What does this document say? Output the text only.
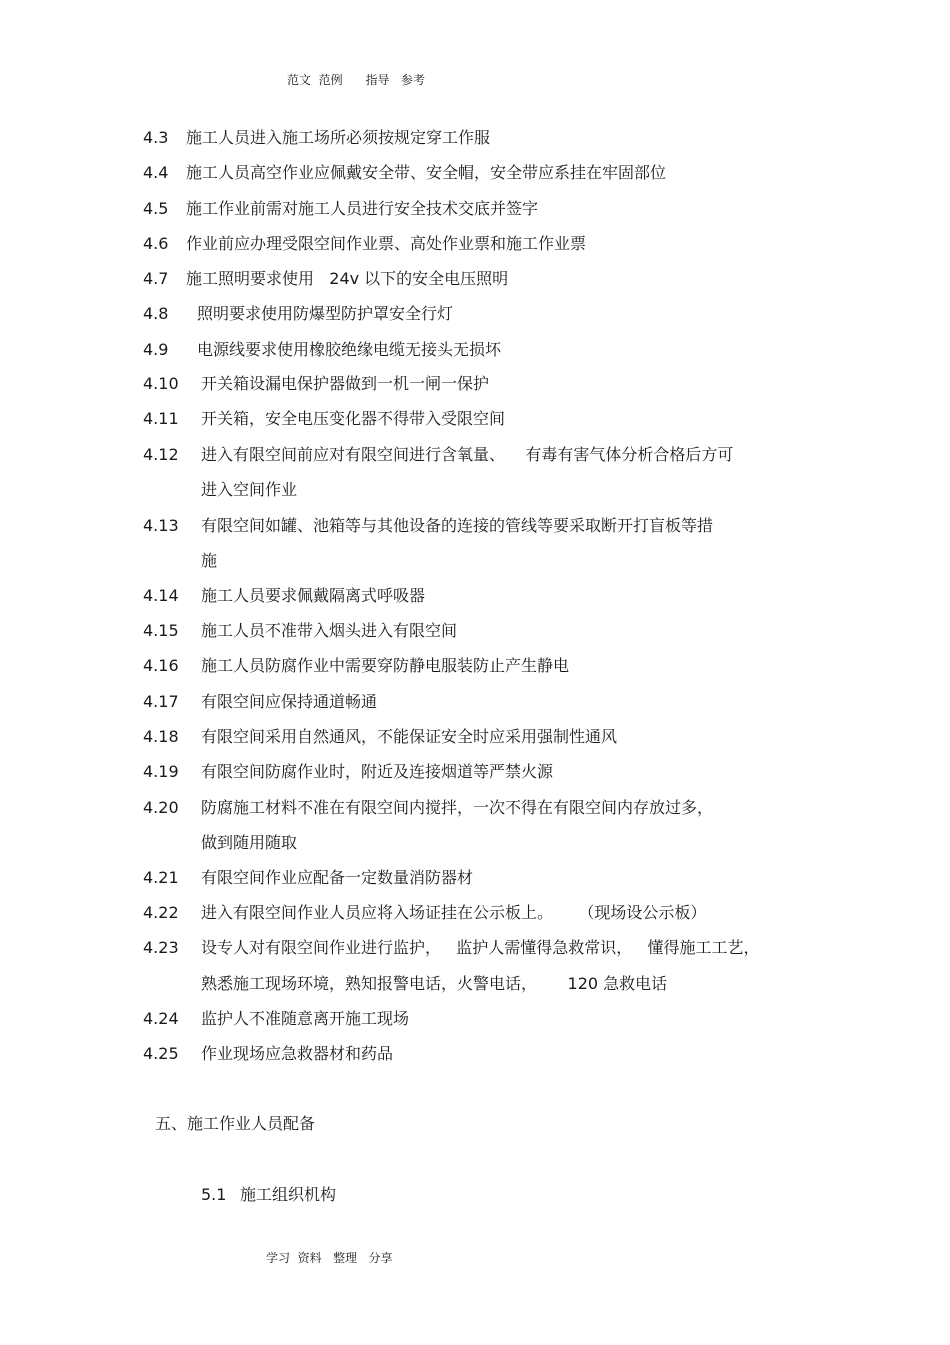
范文  范例      指导   参考
4.3 施工人员进入施工场所必须按规定穿工作服
4.4 施工人员高空作业应佩戴安全带、安全帽，安全带应系挂在牢固部位
4.5 施工作业前需对施工人员进行安全技术交底并签字
4.6 作业前应办理受限空间作业票、高处作业票和施工作业票
4.7 施工照明要求使用   24v 以下的安全电压照明
4.8 照明要求使用防爆型防护罩安全行灯
4.9 电源线要求使用橡胶绝缘电缆无接头无损坏
4.10 开关箱设漏电保护器做到一机一闸一保护
4.11 开关箱，安全电压变化器不得带入受限空间
4.12 进入有限空间前应对有限空间进行含氧量、    有毒有害气体分析合格后方可
进入空间作业
4.13 有限空间如罐、池箱等与其他设备的连接的管线等要采取断开打盲板等措
施
4.14 施工人员要求佩戴隔离式呼吸器
4.15 施工人员不准带入烟头进入有限空间
4.16 施工人员防腐作业中需要穿防静电服装防止产生静电
4.17 有限空间应保持通道畅通
4.18 有限空间采用自然通风，不能保证安全时应采用强制性通风
4.19 有限空间防腐作业时，附近及连接烟道等严禁火源
4.20 防腐施工材料不准在有限空间内搅拌，一次不得在有限空间内存放过多，
做到随用随取
4.21 有限空间作业应配备一定数量消防器材
4.22 进入有限空间作业人员应将入场证挂在公示板上。     （现场设公示板）
4.23 设专人对有限空间作业进行监护，   监护人需懂得急救常识，   懂得施工工艺，
熟悉施工现场环境，熟知报警电话，火警电话，      120 急救电话
4.24 监护人不准随意离开施工现场
4.25 作业现场应急救器材和药品
五、施工作业人员配备
5.1 施工组织机构
学习  资料   整理   分享
